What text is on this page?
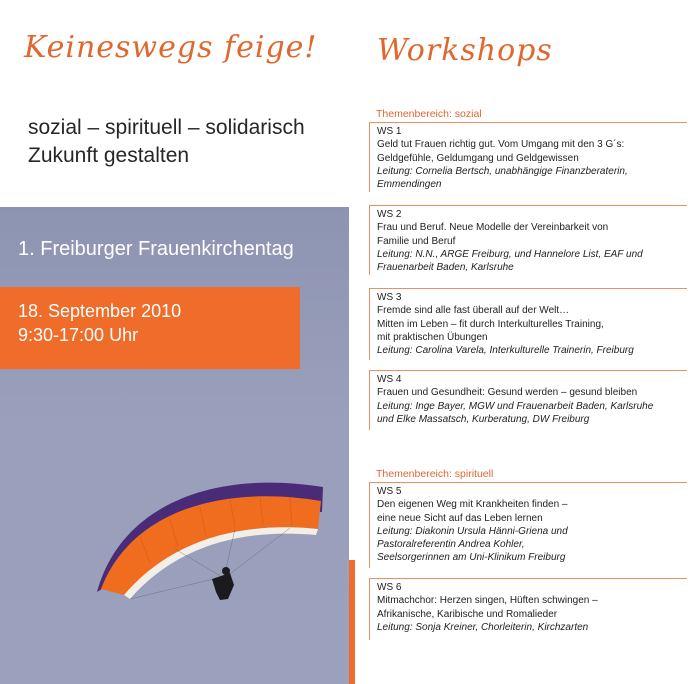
Keineswegs feige!
sozial – spirituell – solidarisch
Zukunft gestalten
1. Freiburger Frauenkirchentag
18. September 2010
9:30-17:00 Uhr
Workshops
Themenbereich: sozial
WS 1
Geld tut Frauen richtig gut. Vom Umgang mit den 3 G´s:
Geldgefühle, Geldumgang und Geldgewissen
Leitung: Cornelia Bertsch, unabhängige Finanzberaterin,
Emmendingen
WS 2
Frau und Beruf. Neue Modelle der Vereinbarkeit von
Familie und Beruf
Leitung: N.N., ARGE Freiburg, und Hannelore List, EAF und
Frauenarbeit Baden, Karlsruhe
WS 3
Fremde sind alle fast überall auf der Welt…
Mitten im Leben – fit durch Interkulturelles Training,
mit praktischen Übungen
Leitung: Carolina Varela, Interkulturelle Trainerin, Freiburg
WS 4
Frauen und Gesundheit: Gesund werden – gesund bleiben
Leitung: Inge Bayer, MGW und Frauenarbeit Baden, Karlsruhe
und Elke Massatsch, Kurberatung, DW Freiburg
Themenbereich: spirituell
WS 5
Den eigenen Weg mit Krankheiten finden –
eine neue Sicht auf das Leben lernen
Leitung: Diakonin Ursula Hänni-Griena und
Pastoralreferentin Andrea Kohler,
Seelsorgerinnen am Uni-Klinikum Freiburg
WS 6
Mitmachchor: Herzen singen, Hüften schwingen –
Afrikanische, Karibische und Romalieder
Leitung: Sonja Kreiner, Chorleiterin, Kirchzarten
